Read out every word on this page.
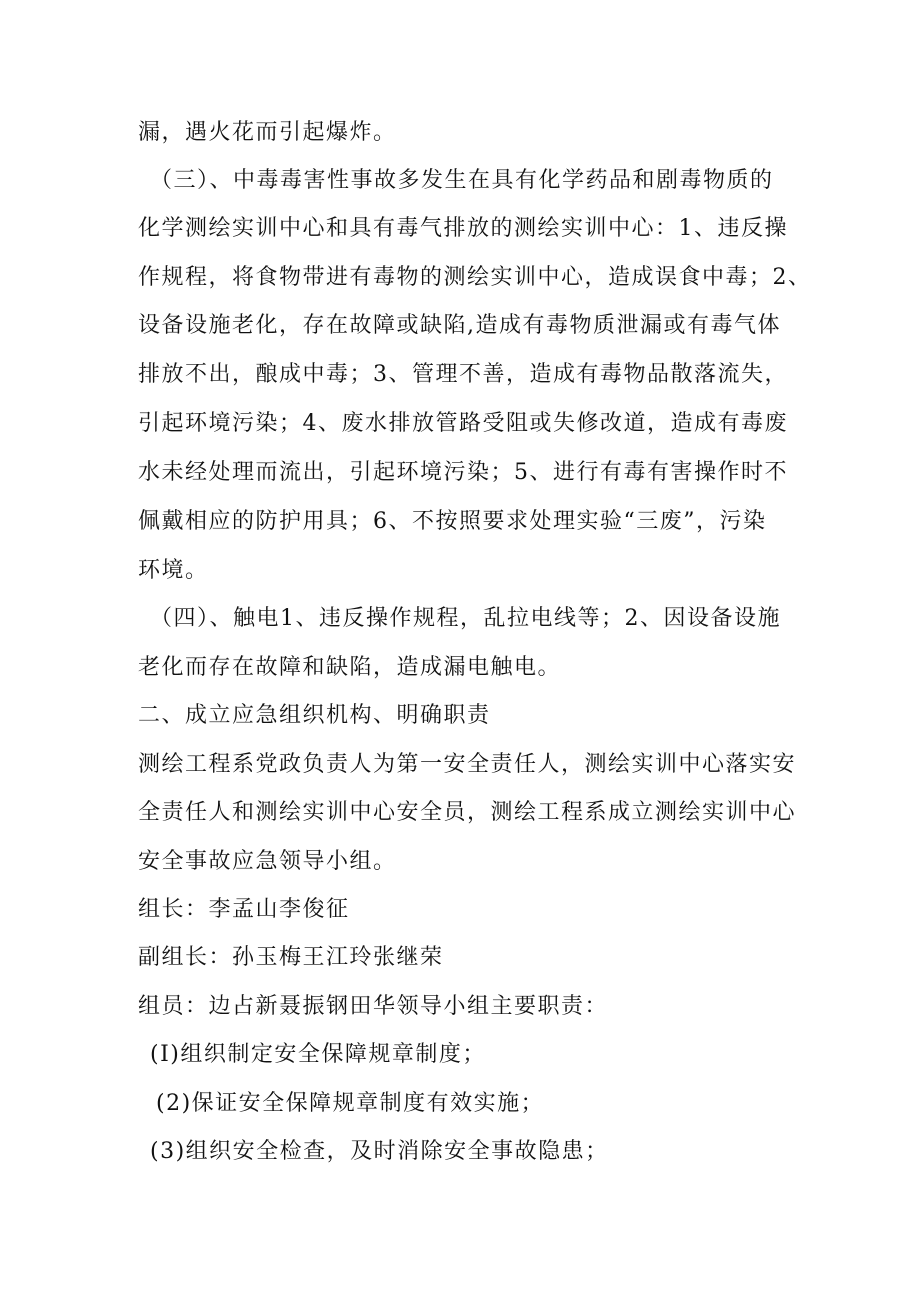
漏，遇火花而引起爆炸。
（三）、中毒毒害性事故多发生在具有化学药品和剧毒物质的
化学测绘实训中心和具有毒气排放的测绘实训中心：1、违反操
作规程，将食物带进有毒物的测绘实训中心，造成误食中毒；2、
设备设施老化，存在故障或缺陷,造成有毒物质泄漏或有毒气体
排放不出，酿成中毒；3、管理不善，造成有毒物品散落流失，
引起环境污染；4、废水排放管路受阻或失修改道，造成有毒废
水未经处理而流出，引起环境污染；5、进行有毒有害操作时不
佩戴相应的防护用具；6、不按照要求处理实验“三废”，污染
环境。
（四）、触电1、违反操作规程，乱拉电线等；2、因设备设施
老化而存在故障和缺陷，造成漏电触电。
二、成立应急组织机构、明确职责
测绘工程系党政负责人为第一安全责任人，测绘实训中心落实安
全责任人和测绘实训中心安全员，测绘工程系成立测绘实训中心
安全事故应急领导小组。
组长：李孟山李俊征
副组长：孙玉梅王江玲张继荣
组员：边占新聂振钢田华领导小组主要职责：
(I)组织制定安全保障规章制度；
(2)保证安全保障规章制度有效实施；
(3)组织安全检查，及时消除安全事故隐患；
